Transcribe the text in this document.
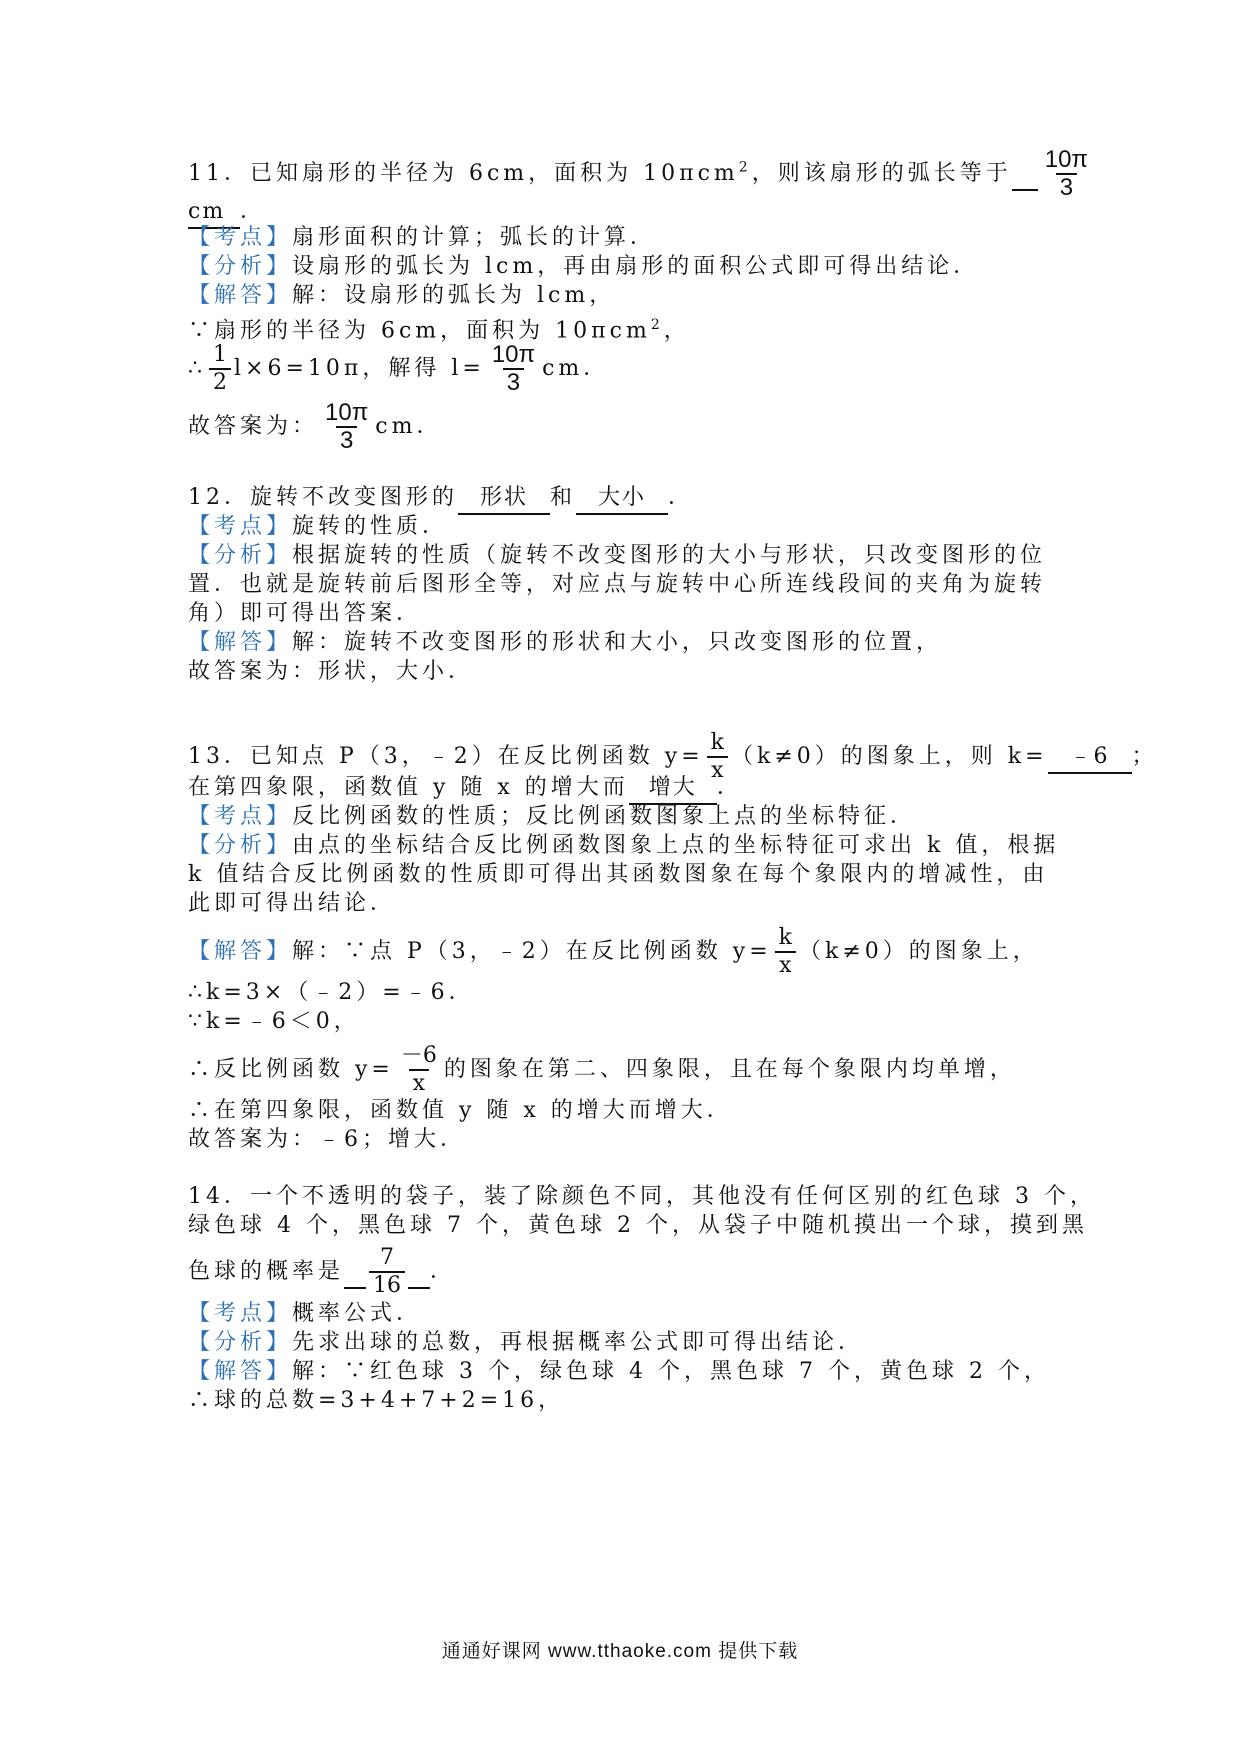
11．已知扇形的半径为 6cm，面积为 10πcm$^2$，则该扇形的弧长等于 $\frac{10\pi}{3}$
cm ．
【考点】扇形面积的计算；弧长的计算．
【分析】设扇形的弧长为 lcm，再由扇形的面积公式即可得出结论．
【解答】解：设扇形的弧长为 lcm，
∵扇形的半径为 6cm，面积为 10πcm$^2$，
∴ $\frac{1}{2} l\times 6=10\pi$，解得 $l= \frac{10\pi}{3}$ cm．
故答案为： $\frac{10\pi}{3}$ cm．
12．旋转不改变图形的 形状 和 大小 ．
【考点】旋转的性质．
【分析】根据旋转的性质（旋转不改变图形的大小与形状，只改变图形的位
置．也就是旋转前后图形全等，对应点与旋转中心所连线段间的夹角为旋转
角）即可得出答案．
【解答】解：旋转不改变图形的形状和大小，只改变图形的位置，
故答案为：形状，大小．
13．已知点 P（3，﹣2）在反比例函数 $y= \frac{k}{x} (k\ne 0)$的图象上，则 k= ﹣6 ；
在第四象限，函数值 y 随 x 的增大而 增大 ．
【考点】反比例函数的性质；反比例函数图象上点的坐标特征．
【分析】由点的坐标结合反比例函数图象上点的坐标特征可求出 k 值，根据
k 值结合反比例函数的性质即可得出其函数图象在每个象限内的增减性，由
此即可得出结论．
【解答】解：∵点 P（3，﹣2）在反比例函数 $y= \frac{k}{x} (k\ne 0)$的图象上，
∴k=3×（﹣2）=﹣6．
∵k=﹣6＜0，
∴反比例函数 $y= \frac{-6}{x}$ 的图象在第二、四象限，且在每个象限内均单增，
∴在第四象限，函数值 y 随 x 的增大而增大．
故答案为：﹣6；增大．
14．一个不透明的袋子，装了除颜色不同，其他没有任何区别的红色球 3 个，
绿色球 4 个，黑色球 7 个，黄色球 2 个，从袋子中随机摸出一个球，摸到黑
色球的概率是 $\frac{7}{16}$ ．
【考点】概率公式．
【分析】先求出球的总数，再根据概率公式即可得出结论．
【解答】解：∵红色球 3 个，绿色球 4 个，黑色球 7 个，黄色球 2 个，
∴球的总数=3+4+7+2=16，
通通好课网 www.tthaoke.com 提供下载
